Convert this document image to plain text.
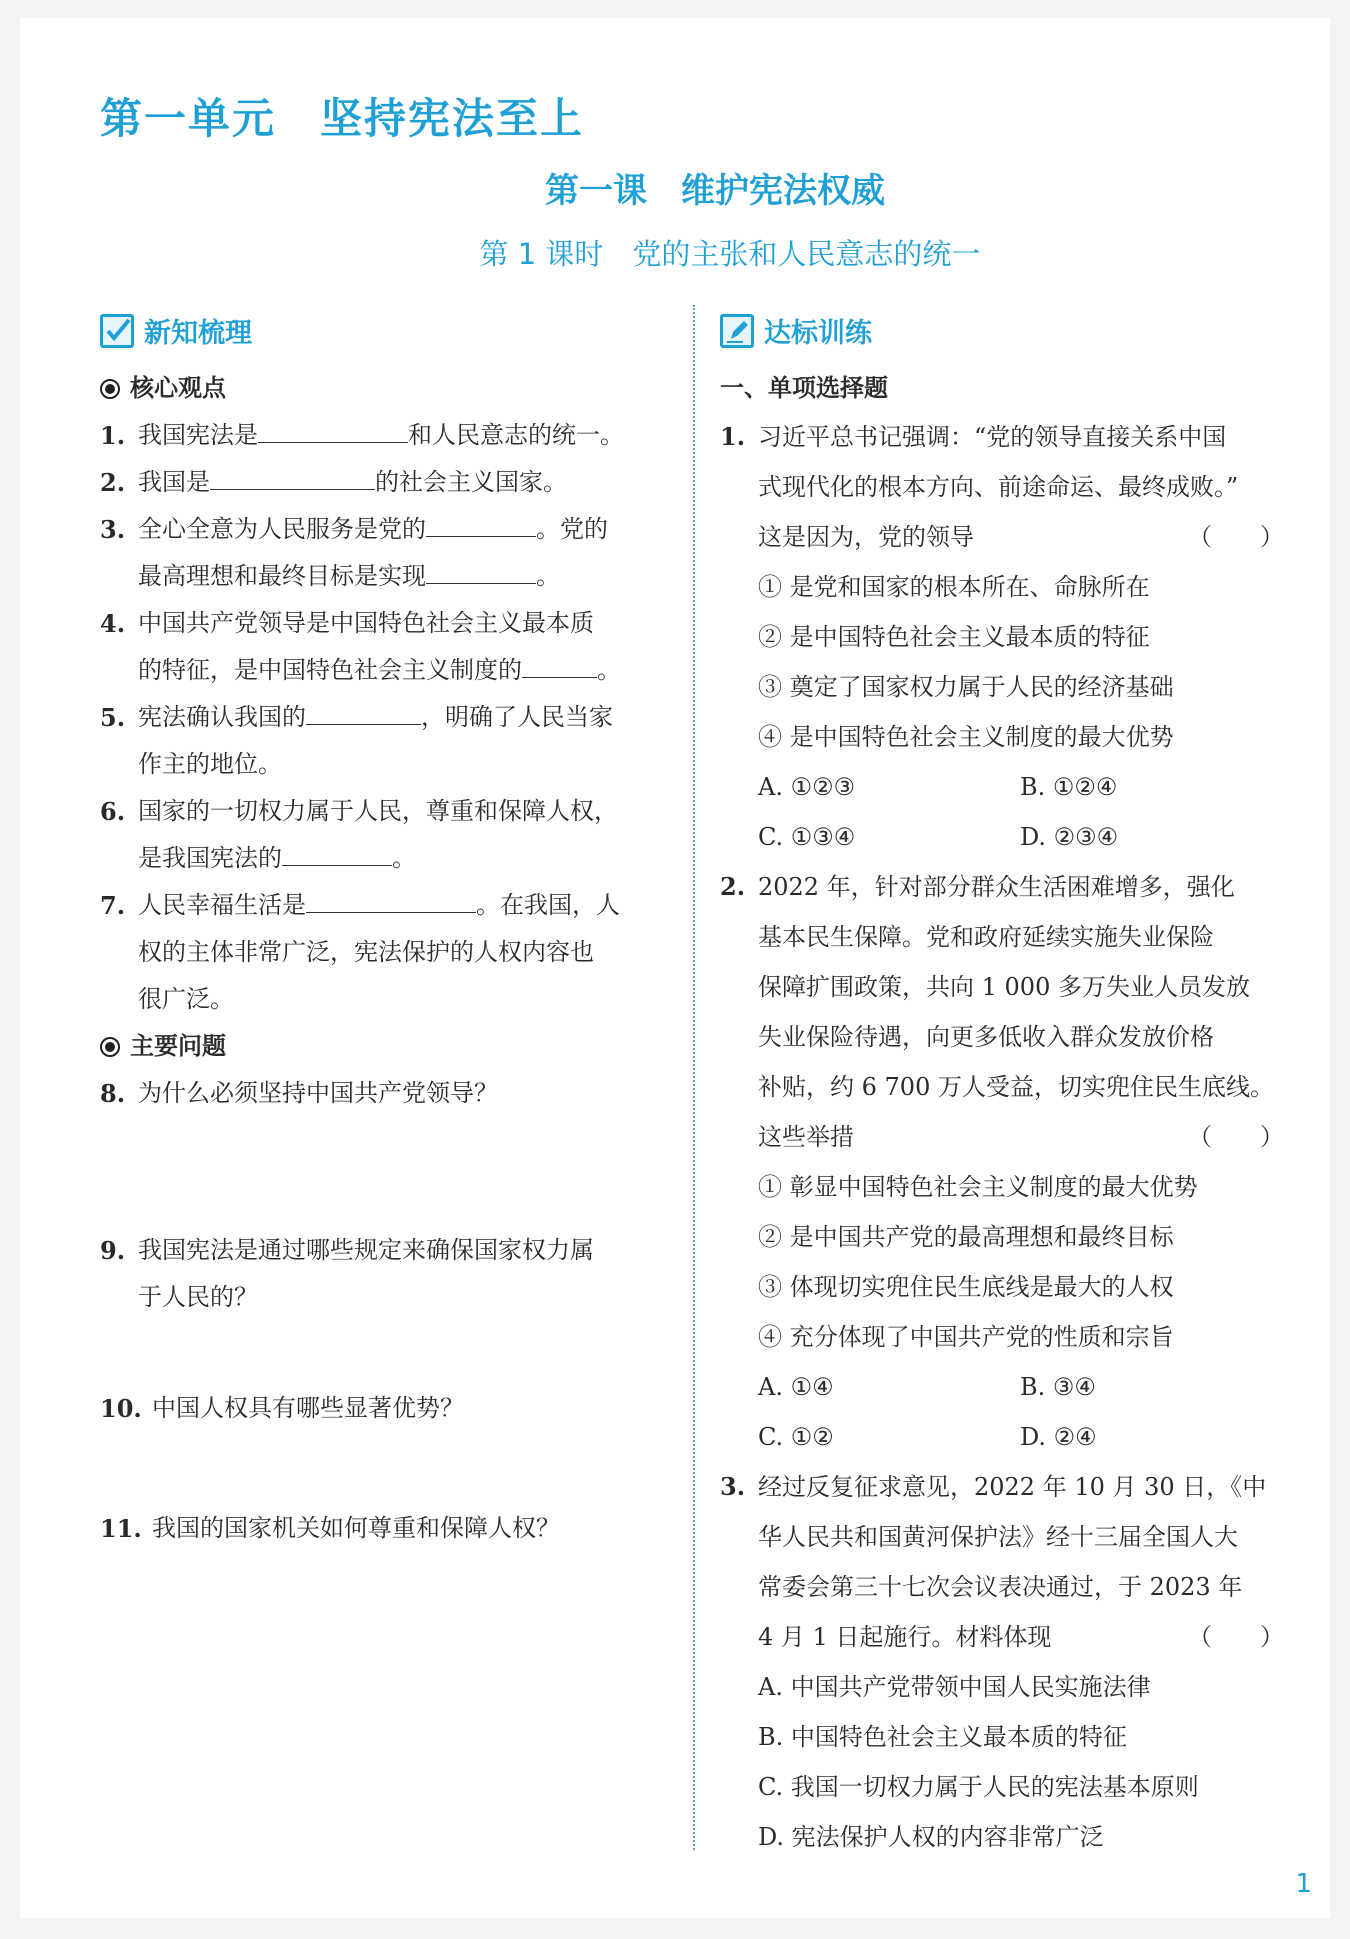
第一单元　坚持宪法至上
第一课　维护宪法权威
第 1 课时　党的主张和人民意志的统一
新知梳理	达标训练
核心观点
1. 我国宪法是	和人民意志的统一。
2. 我国是	的社会主义国家。
3. 全心全意为人民服务是党的	。党的
最高理想和最终目标是实现	。
4. 中国共产党领导是中国特色社会主义最本质
的特征，是中国特色社会主义制度的	。
5. 宪法确认我国的	，明确了人民当家
作主的地位。
6. 国家的一切权力属于人民，尊重和保障人权，
是我国宪法的	。
7. 人民幸福生活是	。在我国，人
权的主体非常广泛，宪法保护的人权内容也
很广泛。
主要问题
8. 为什么必须坚持中国共产党领导？
9. 我国宪法是通过哪些规定来确保国家权力属
于人民的？
10. 中国人权具有哪些显著优势？
11. 我国的国家机关如何尊重和保障人权？
一、单项选择题
1. 习近平总书记强调：“党的领导直接关系中国
式现代化的根本方向、前途命运、最终成败。”
这是因为，党的领导	（　　）
① 是党和国家的根本所在、命脉所在
② 是中国特色社会主义最本质的特征
③ 奠定了国家权力属于人民的经济基础
④ 是中国特色社会主义制度的最大优势
A. ①②③	B. ①②④
C. ①③④	D. ②③④
2. 2022 年，针对部分群众生活困难增多，强化
基本民生保障。党和政府延续实施失业保险
保障扩围政策，共向 1 000 多万失业人员发放
失业保险待遇，向更多低收入群众发放价格
补贴，约 6 700 万人受益，切实兜住民生底线。
这些举措	（　　）
① 彰显中国特色社会主义制度的最大优势
② 是中国共产党的最高理想和最终目标
③ 体现切实兜住民生底线是最大的人权
④ 充分体现了中国共产党的性质和宗旨
A. ①④	B. ③④
C. ①②	D. ②④
3. 经过反复征求意见，2022 年 10 月 30 日，《中
华人民共和国黄河保护法》经十三届全国人大
常委会第三十七次会议表决通过，于 2023 年
4 月 1 日起施行。材料体现	（　　）
A. 中国共产党带领中国人民实施法律
B. 中国特色社会主义最本质的特征
C. 我国一切权力属于人民的宪法基本原则
D. 宪法保护人权的内容非常广泛
1
